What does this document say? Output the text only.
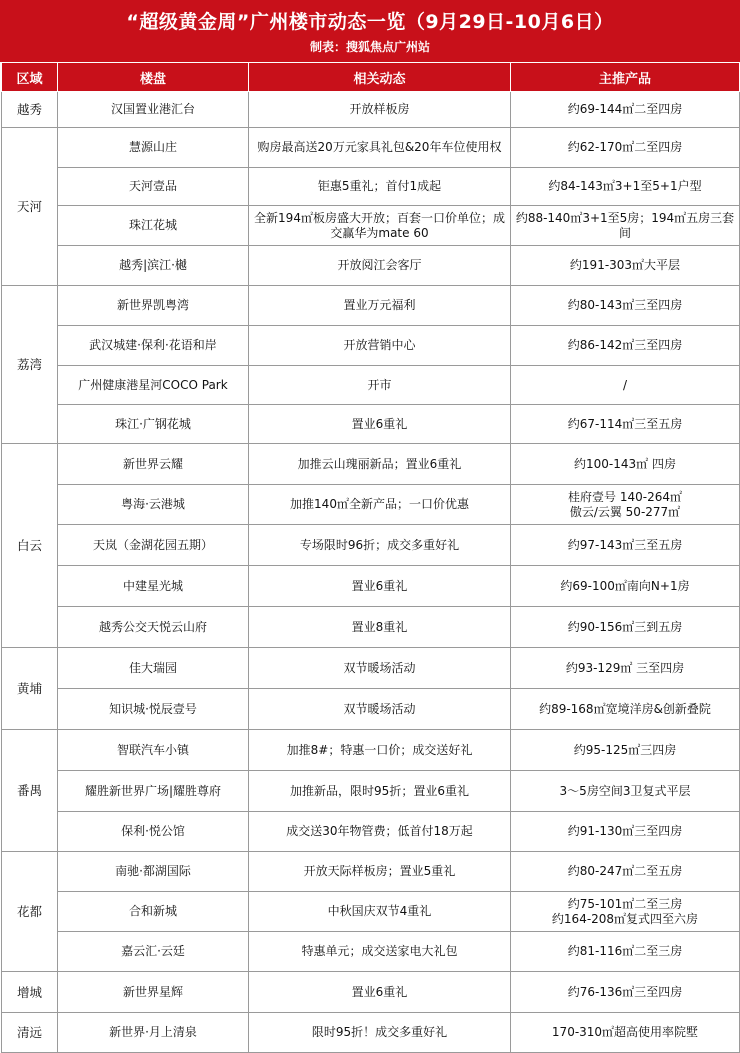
“超级黄金周”广州楼市动态一览（9月29日-10月6日）
制表：搜狐焦点广州站
区域	楼盘	相关动态	主推产品
越秀	汉国置业港汇台	开放样板房	约69-144㎡二至四房
天河	慧源山庄	购房最高送20万元家具礼包&20年车位使用权	约62-170㎡二至四房
	天河壹品	钜惠5重礼；首付1成起	约84-143㎡3+1至5+1户型
	珠江花城	全新194㎡板房盛大开放；百套一口价单位；成交赢华为mate 60	约88-140㎡3+1至5房；194㎡五房三套间
	越秀|滨江·樾	开放阅江会客厅	约191-303㎡大平层
荔湾	新世界凯粤湾	置业万元福利	约80-143㎡三至四房
	武汉城建·保利·花语和岸	开放营销中心	约86-142㎡三至四房
	广州健康港星河COCO Park	开市	/
	珠江·广钢花城	置业6重礼	约67-114㎡三至五房
白云	新世界云耀	加推云山瑰丽新品；置业6重礼	约100-143㎡ 四房
	粤海·云港城	加推140㎡全新产品；一口价优惠	桂府壹号 140-264㎡
傲云/云翼 50-277㎡

	天岚（金湖花园五期）	专场限时96折；成交多重好礼	约97-143㎡三至五房
	中建星光城	置业6重礼	约69-100㎡南向N+1房
	越秀公交天悦云山府	置业8重礼	约90-156㎡三到五房
黄埔	佳大瑞园	双节暖场活动	约93-129㎡ 三至四房
	知识城·悦辰壹号	双节暖场活动	约89-168㎡宽境洋房&创新叠院
番禺	智联汽车小镇	加推8#；特惠一口价；成交送好礼	约95-125㎡三四房
	耀胜新世界广场|耀胜尊府	加推新品，限时95折；置业6重礼	3～5房空间3卫复式平层
	保利·悦公馆	成交送30年物管费；低首付18万起	约91-130㎡三至四房
花都	南驰·都湖国际	开放天际样板房；置业5重礼	约80-247㎡二至五房
	合和新城	中秋国庆双节4重礼	约75-101㎡二至三房
约164-208㎡复式四至六房

	嘉云汇·云廷	特惠单元；成交送家电大礼包	约81-116㎡二至三房
增城	新世界星辉	置业6重礼	约76-136㎡三至四房
清远	新世界·月上清泉	限时95折！成交多重好礼	170-310㎡超高使用率院墅
